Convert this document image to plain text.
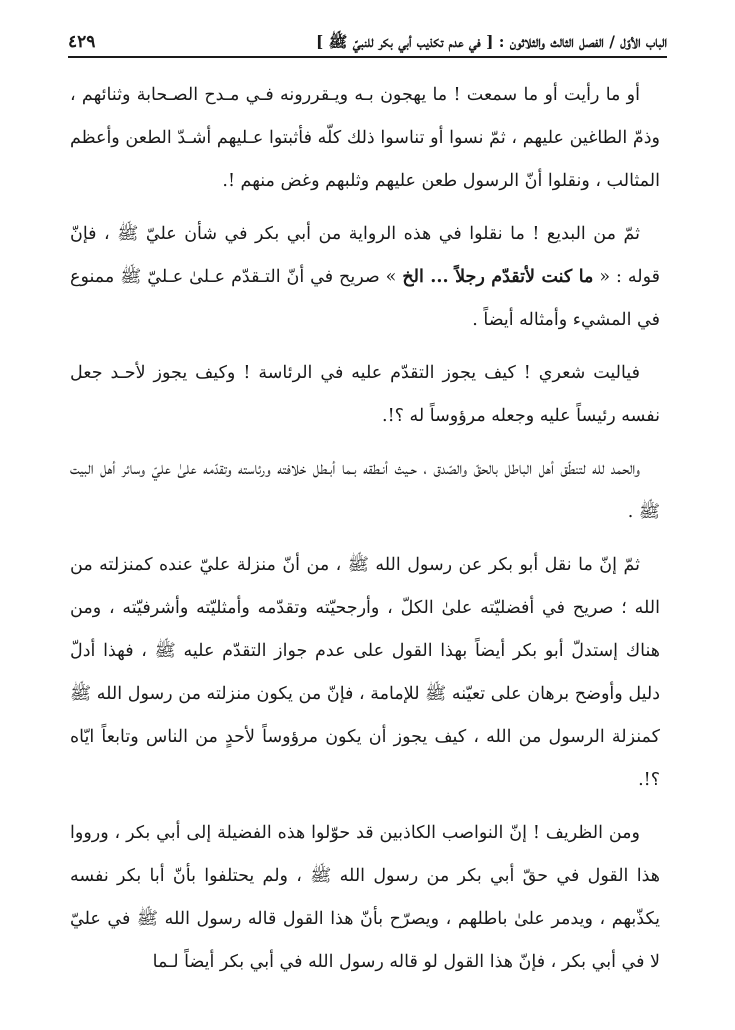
الباب الأوّل / الفصل الثالث والثلاثون : [ في عدم تكذيب أبي بكر للنبيّ ﷺ ]
٤٢٩

أو ما رأيت أو ما سمعت ! ما يهجون بـه ويـقررونه فـي مـدح الصـحابة وثنائهم ، وذمّ الطاغين عليهم ، ثمّ نسوا أو تناسوا ذلك كلّه فأثبتوا عـليهم أشـدّ الطعن وأعظم المثالب ، ونقلوا أنّ الرسول طعن عليهم وثلبهم وغض منهم !.

ثمّ من البديع ! ما نقلوا في هذه الرواية من أبي بكر في شأن عليّ ﷺ ، فإنّ قوله : « ما كنت لأتقدّم رجلاً ... الخ » صريح في أنّ التـقدّم عـلىٰ عـليّ ﷺ ممنوع في المشيء وأمثاله أيضاً .

فياليت شعري ! كيف يجوز التقدّم عليه في الرئاسة ! وكيف يجوز لأحـد جعل نفسه رئيساً عليه وجعله مرؤوساً له ؟!.

والحمد لله لتنطّق أهل الباطل بالحقّ والصّدق ، حـيث أنـطقه بـما أبـطل خلافته ورئاسته وتقدّمه علىٰ عليّ وسائر أهل البيت ﷺ .

ثمّ إنّ ما نقل أبو بكر عن رسول الله ﷺ ، من أنّ منزلة عليّ عنده كمنزلته من الله ؛ صريح في أفضليّته علىٰ الكلّ ، وأرجحيّته وتقدّمه وأمثليّته وأشرفيّته ، ومن هناك إستدلّ أبو بكر أيضاً بهذا القول على عدم جواز التقدّم عليه ﷺ ، فهذا أدلّ دليل وأوضح برهان على تعيّنه ﷺ للإمامة ، فإنّ من يكون منزلته من رسول الله ﷺ كمنزلة الرسول من الله ، كيف يجوز أن يكون مرؤوساً لأحدٍ من الناس وتابعاً ايّاه ؟!.

ومن الظريف ! إنّ النواصب الكاذبين قد حوّلوا هذه الفضيلة إلى أبي بكر ، ورووا هذا القول في حقّ أبي بكر من رسول الله ﷺ ، ولم يحتلفوا بأنّ أبا بكر نفسه يكذّبهم ، ويدمر علىٰ باطلهم ، ويصرّح بأنّ هذا القول قاله رسول الله ﷺ في عليّ لا في أبي بكر ، فإنّ هذا القول لو قاله رسول الله في أبي بكر أيضاً لـما
